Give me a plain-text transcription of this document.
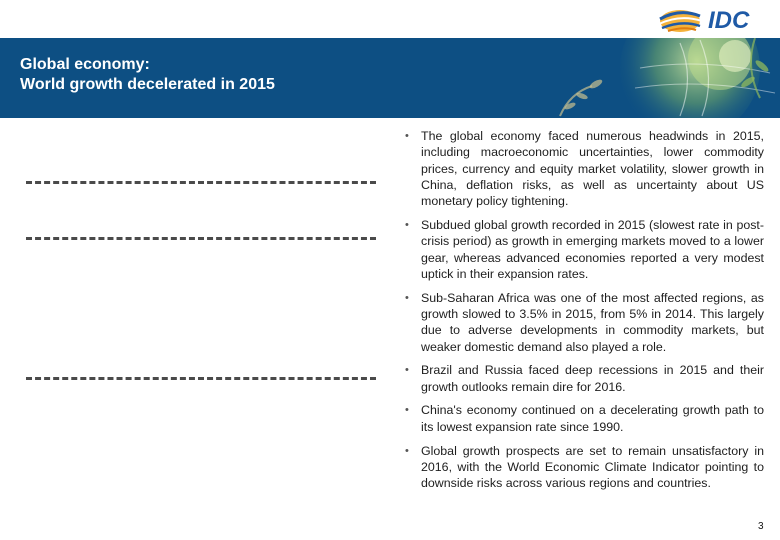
IDC
Global economy:
World growth decelerated in 2015
• The global economy faced numerous headwinds in 2015, including macroeconomic uncertainties, lower commodity prices, currency and equity market volatility, slower growth in China, deflation risks, as well as uncertainty about US monetary policy tightening.
• Subdued global growth recorded in 2015 (slowest rate in post-crisis period) as growth in emerging markets moved to a lower gear, whereas advanced economies reported a very modest uptick in their expansion rates.
• Sub-Saharan Africa was one of the most affected regions, as growth slowed to 3.5% in 2015, from 5% in 2014. This largely due to adverse developments in commodity markets, but weaker domestic demand also played a role.
• Brazil and Russia faced deep recessions in 2015 and their growth outlooks remain dire for 2016.
• China's economy continued on a decelerating growth path to its lowest expansion rate since 1990.
• Global growth prospects are set to remain unsatisfactory in 2016, with the World Economic Climate Indicator pointing to downside risks across various regions and countries.
3
